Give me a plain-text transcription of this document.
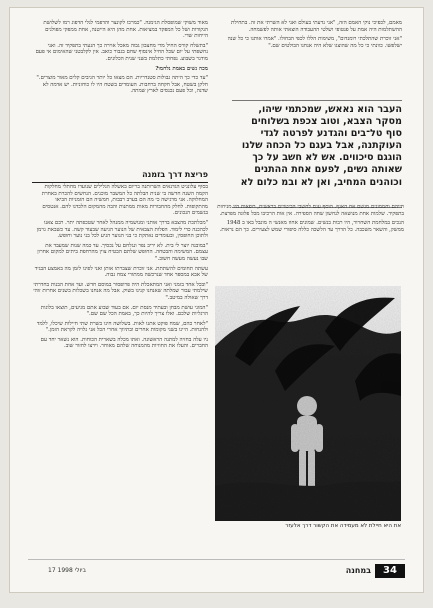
מאוד משוקי שמופסלת הגימנה. "כמרכז לקונצר והדפמי לגלי הדפוג רמז לשלושת הנקודות ושל כל המפקד במציאות. אחת מהן היא הייטנה, אחת ממפקי מפולגים הייחות שדי.

"בתשלח קורס החיל מדי מחצבון גבוה מאכל אוירה כך הגעתי בתפקיד זה. ואני נחשפתי על יום שכל החיל אינסוף שחם בגבור כואב. אין לקלבטני שהאימום אי פעם מודגר בשבוע. נפחתי כתלמת בשני שנית הכלונים.

מכה נשים באמת נלחמו?

"עד כדי כך היתה גבולות סטנדריות. הם מצאו כל יותר הגיבים קלים מאור מוצרים." חלקן בשטח, אבל חקחה ברחבות. העומדים בשטח היו לו כוחוניות. יש אדמה לא שדנה, וכל פעם נכנסים לארץ שמתה.

מאמם, לכפיכי נוקי האמם הזה, "אני נדעתי בעולם ואני לא השרתי את זה. בתחילת ההשתלמות היה אמת על פנטופי ושלטי ההעבודה הוצאתי אותה לפשמחה.

"אני זוכרת שהתלכתי רומנדום", משימות הללו לכפי הבחולו. "אמרו אותנו כי כל שנה ישלפשו. כוונתי כי כל מה שהוצגו שלא היה אנחנו הבולטים שם."

העבר הוא נאאש, שמכתמי שיהו, מסקר הצבא, וטוב צכפת בשלוחים סוף טל־בים והגדנע לפרטה לגדי העוקתנה, אבל בעגם כל הכחה שלנו הוגגם סיכווים. אש לא חשב על כך שאותה נשים, לפעם אחת ההתנים וכוהנים המחיב, ואן לא ובמ כלום לא

חייהם וחממונים מגשם אח האגף. הוסף עגם לחשבי הביטויים בראשית, רופאות היו מניחות בתפקיד. שלמות אחת מנושאה לנחשון שחה הספירה. אין אות הרכיבו מכל פלוגה מפרצת.

הנכים במלחמת השחרור, היו רבות בנשים. שמונים אחוז מאנשי ה מוגבל באו ב 1948 ממשק, והשאר משכבה. כל הדרך עד הלשכה כללה סיפורי שמש לצעירים. כך הם נראות.

פריצת דרך בזמנה

בסוף עלונגיט הגדנאים השרותנה בריום באשלה הגלילים שנועדו מחתלי מחלקות הקמה השנה חדשה בי שנית הבלתה כל המשבר מוכנים. הנחשים להכרת באחרת המחלוקה. אני מדגישה כי מה הם בערב רבבות, חמשיה הם הזמניות הביאו מהתקופות. לחלק מהחבורות מאות ממתנות והבה מהמקום הלכדנו להם. אנטסים בגשמים הנכונים.

"מכלתכת מהצבא בדרך אותני ומנושמיה ממנהל לאחר שטכפתה יתר. רבם צאנו לכהכנה כדי לימוד. הפלות הצבאית של הנוער הגיעה שבעוד קשה. עד כשבאת גרמן ולתוכן החופסין, ובעומדים נאתקת כי בני הנוער הגיע לכל בני נוער וחופש.

"במובנה יוצר לי בית. לא יריב נפר ונגלחם על נכסיך. עד כמה שנות שמעבד את עצמם. המשימה והבטחה. החופש שלתם הבטיח צוין מהרחפת ביתים למקום אחרון שבו נעשה מעשה חשוב."

עשתה תחומים להשתתת. אני זוכרת שצברתו אותן ואני לפינו לזמן מה באמצע הבגיד של אבא במספר אחד שנרכשה ממתורי צמח גבוה.

"ובכל אחד בזמני ואני המתאכלת היה פרופסור במוסם חדש. ועד אחת הבנות בחדרתי שילמתי עבור שמלתה שאנחנו קנינו בשוק. אבל מה אנחנו בשכלות בשנים אחרות זוהי דרך שאולה במיטב."

"המוני עושת מבחן ובעתיד מנסת יום. אם בעוד שבוע אתם מגיעים, תוצאו בלוגות הרגליות שלכם. ואלו צריך להיות כך, באמת הכל שם שם."

"לאחר כהם, שמח פוקט אתנו לאות. בשלושה חינו בשרת שתי חיילות שיכלו, ללמד ולהנחות. היינו בשני מקומות אחרים ובתיווך אחרי הכל אני גלויה לקראת הזמן."

ניו עלה בחזיה למתנה הראשונה. ואתו מכלה בשארית הכוחות. הוא נשאר יחד עם החברים. והעלו את החוויות מהמנוחה שלהם מאוחר. וירצו לחזור שוב.

את היא חיילת לא מעמידה את הקשור דרך אלעזר
17 ביולי 1998	במחנה	34
